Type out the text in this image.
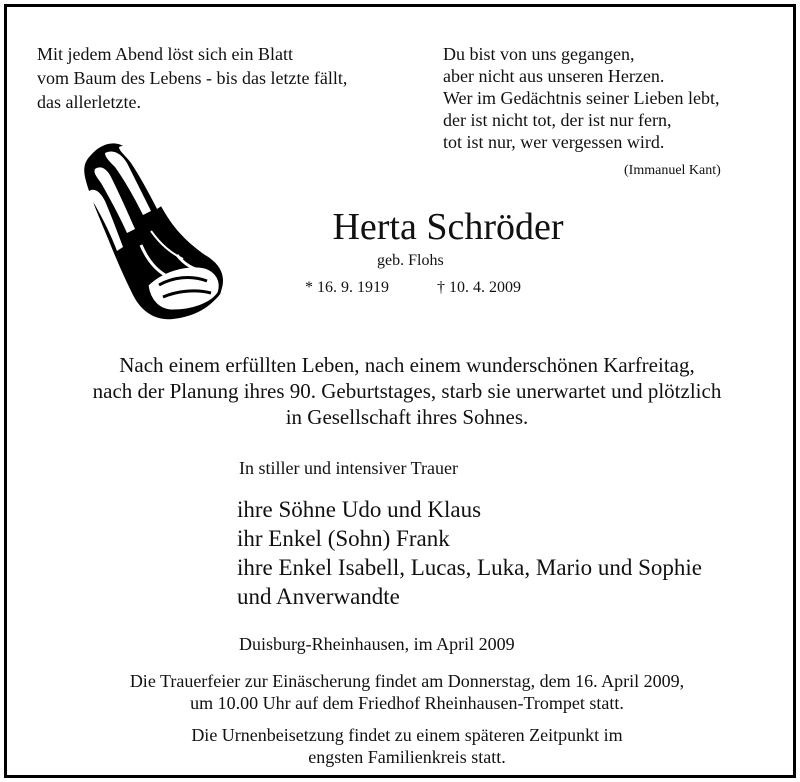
Mit jedem Abend löst sich ein Blatt
vom Baum des Lebens - bis das letzte fällt,
das allerletzte.
Du bist von uns gegangen,
aber nicht aus unseren Herzen.
Wer im Gedächtnis seiner Lieben lebt,
der ist nicht tot, der ist nur fern,
tot ist nur, wer vergessen wird.
(Immanuel Kant)
Herta Schröder
geb. Flohs
* 16. 9. 1919	† 10. 4. 2009
Nach einem erfüllten Leben, nach einem wunderschönen Karfreitag,
nach der Planung ihres 90. Geburtstages, starb sie unerwartet und plötzlich
in Gesellschaft ihres Sohnes.
In stiller und intensiver Trauer
ihre Söhne Udo und Klaus
ihr Enkel (Sohn) Frank
ihre Enkel Isabell, Lucas, Luka, Mario und Sophie
und Anverwandte
Duisburg-Rheinhausen, im April 2009
Die Trauerfeier zur Einäscherung findet am Donnerstag, dem 16. April 2009,
um 10.00 Uhr auf dem Friedhof Rheinhausen-Trompet statt.
Die Urnenbeisetzung findet zu einem späteren Zeitpunkt im
engsten Familienkreis statt.
